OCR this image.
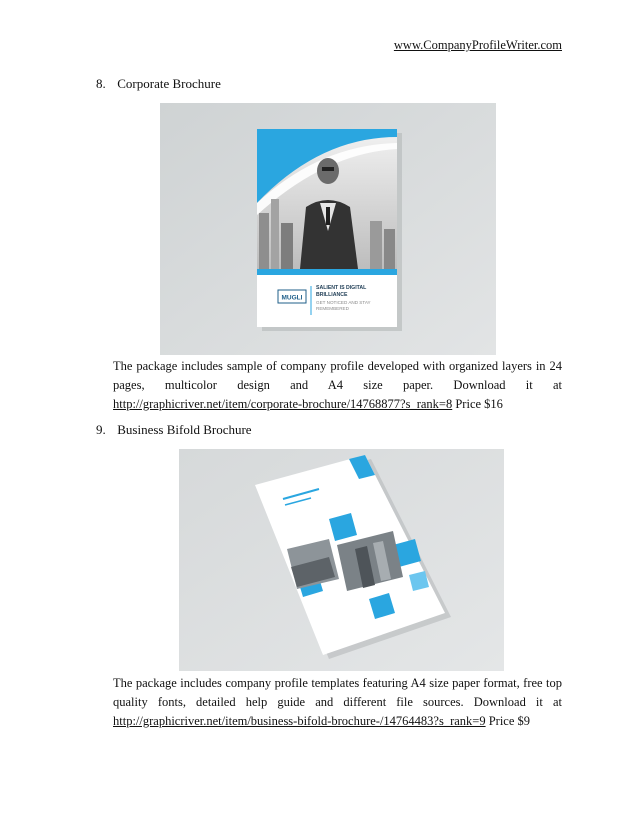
www.CompanyProfileWriter.com
8. Corporate Brochure
MUGLI
SALIENT IS DIGITAL
BRILLIANCE
GET NOTICED AND STAY
REMEMBERED
The package includes sample of company profile developed with organized layers in 24 pages, multicolor design and A4 size paper. Download it at http://graphicriver.net/item/corporate-brochure/14768877?s_rank=8 Price $16
9. Business Bifold Brochure
The package includes company profile templates featuring A4 size paper format, free top quality fonts, detailed help guide and different file sources. Download it at http://graphicriver.net/item/business-bifold-brochure-/14764483?s_rank=9 Price $9
